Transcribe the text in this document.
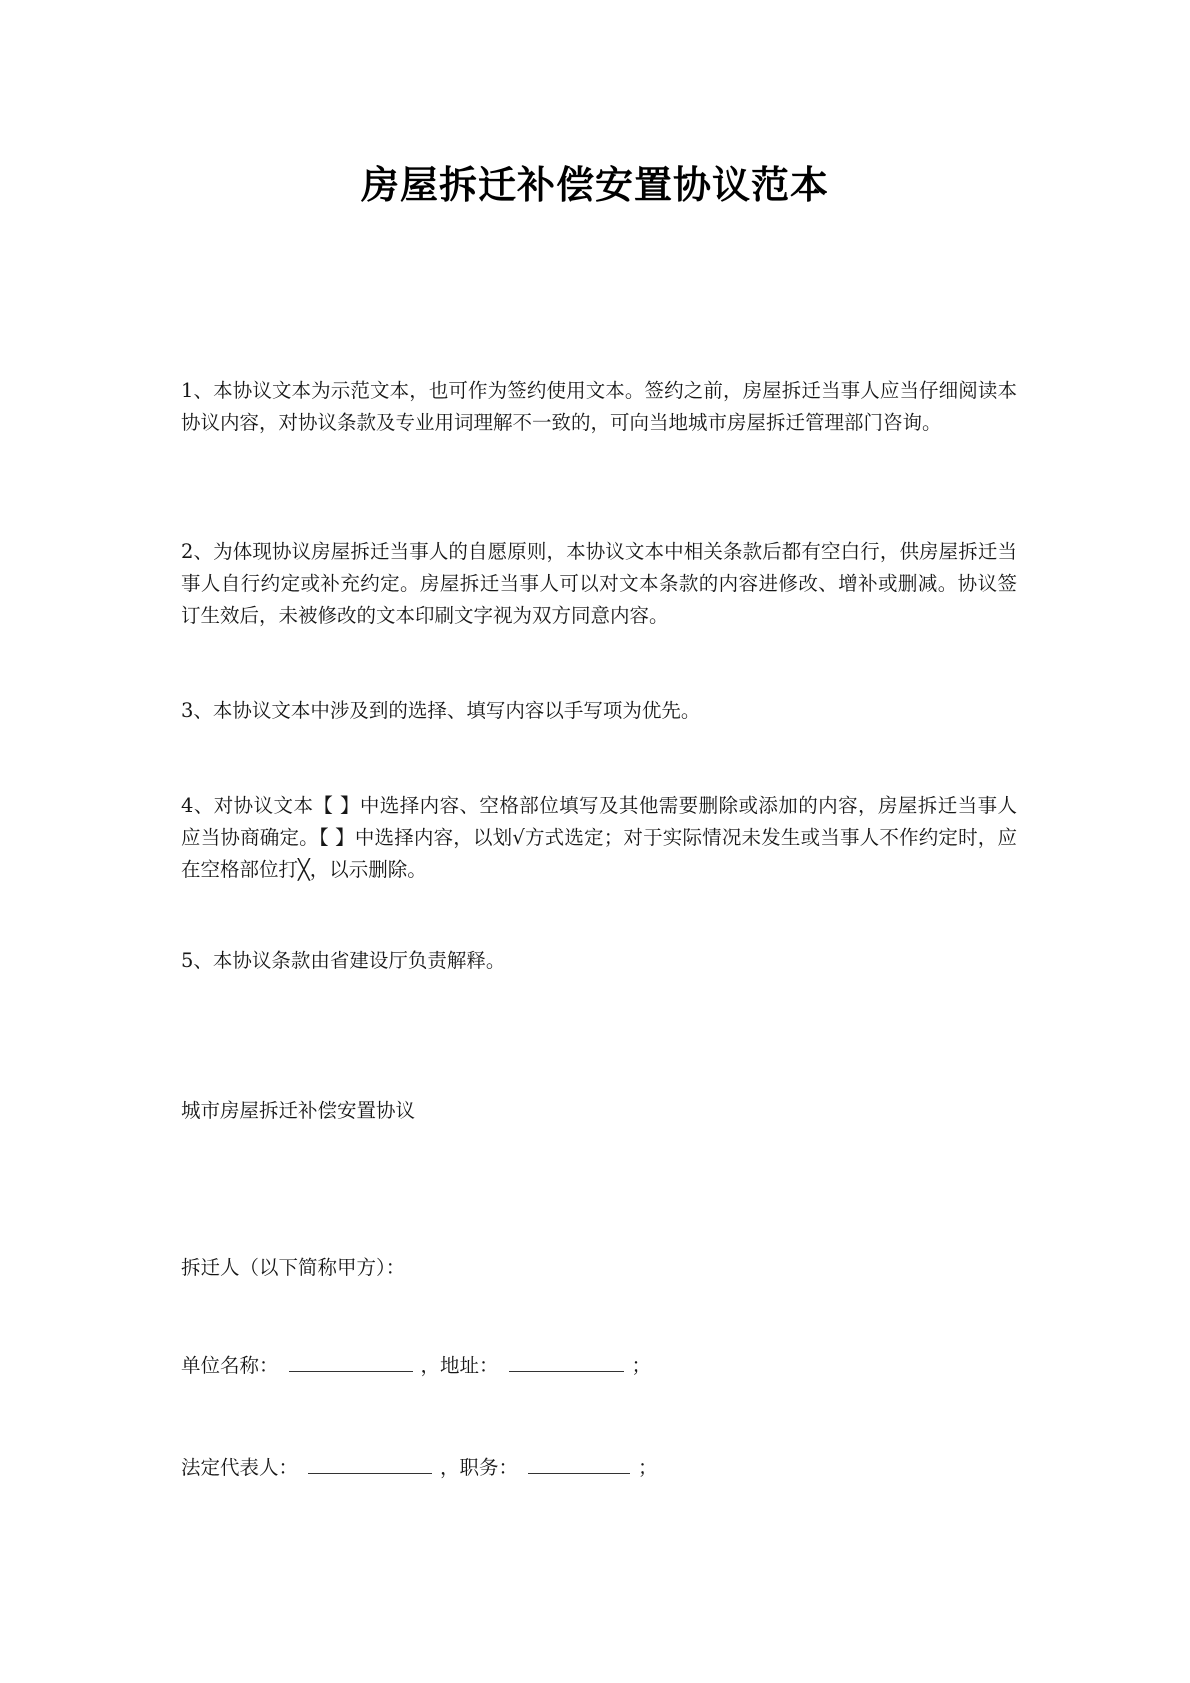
房屋拆迁补偿安置协议范本
1、本协议文本为示范文本，也可作为签约使用文本。签约之前，房屋拆迁当事人应当仔细阅读本协议内容，对协议条款及专业用词理解不一致的，可向当地城市房屋拆迁管理部门咨询。
2、为体现协议房屋拆迁当事人的自愿原则，本协议文本中相关条款后都有空白行，供房屋拆迁当事人自行约定或补充约定。房屋拆迁当事人可以对文本条款的内容进修改、增补或删减。协议签订生效后，未被修改的文本印刷文字视为双方同意内容。
3、本协议文本中涉及到的选择、填写内容以手写项为优先。
4、对协议文本【 】中选择内容、空格部位填写及其他需要删除或添加的内容，房屋拆迁当事人应当协商确定。【 】中选择内容，以划√方式选定；对于实际情况未发生或当事人不作约定时，应在空格部位打╳，以示删除。
5、本协议条款由省建设厅负责解释。
城市房屋拆迁补偿安置协议
拆迁人（以下简称甲方）：
单位名称：	，地址：	；
法定代表人：	，职务：	；
